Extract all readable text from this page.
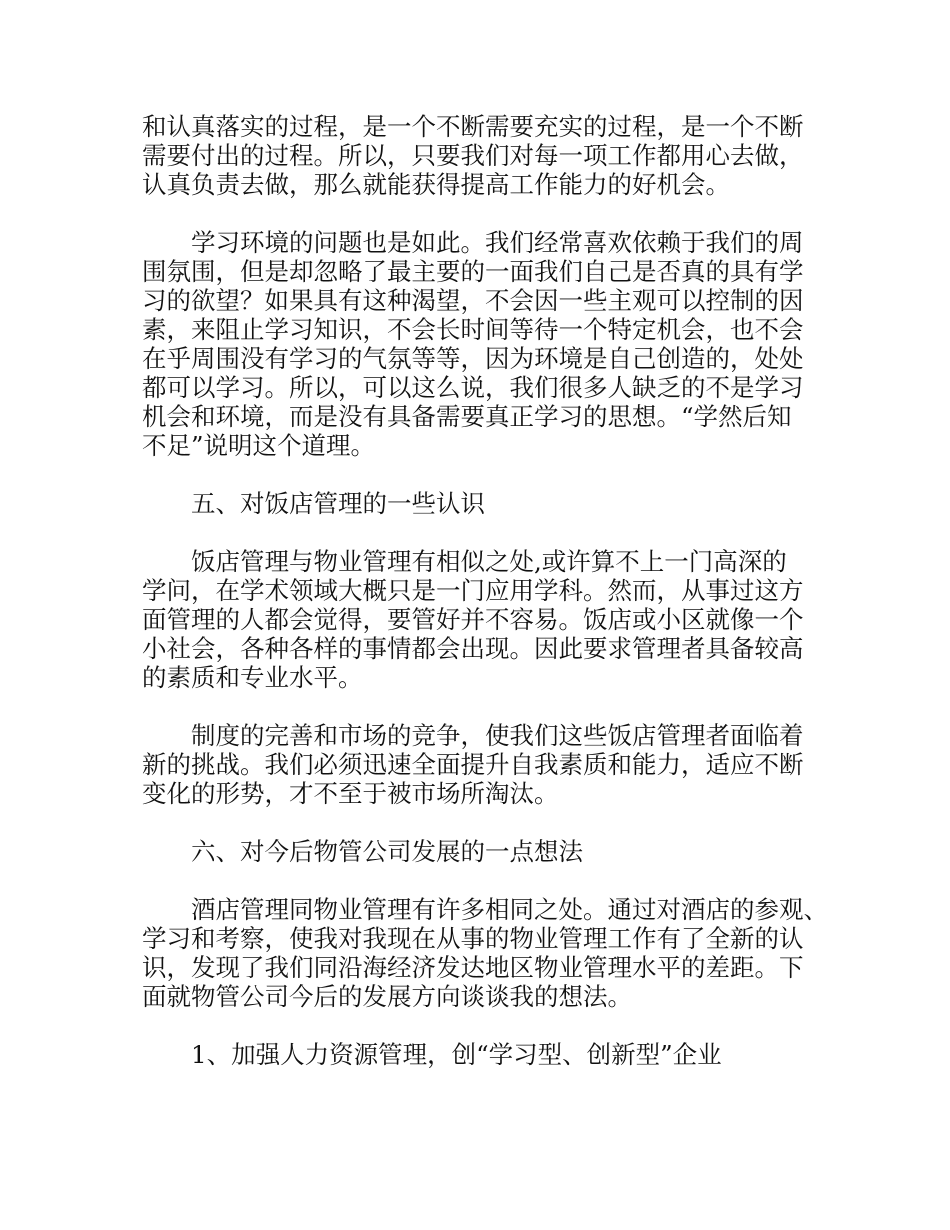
和认真落实的过程，是一个不断需要充实的过程，是一个不断
需要付出的过程。所以，只要我们对每一项工作都用心去做，
认真负责去做，那么就能获得提高工作能力的好机会。
　　学习环境的问题也是如此。我们经常喜欢依赖于我们的周
围氛围，但是却忽略了最主要的一面我们自己是否真的具有学
习的欲望？如果具有这种渴望，不会因一些主观可以控制的因
素，来阻止学习知识，不会长时间等待一个特定机会，也不会
在乎周围没有学习的气氛等等，因为环境是自己创造的，处处
都可以学习。所以，可以这么说，我们很多人缺乏的不是学习
机会和环境，而是没有具备需要真正学习的思想。“学然后知
不足”说明这个道理。
　　五、对饭店管理的一些认识
　　饭店管理与物业管理有相似之处,或许算不上一门高深的
学问，在学术领域大概只是一门应用学科。然而，从事过这方
面管理的人都会觉得，要管好并不容易。饭店或小区就像一个
小社会，各种各样的事情都会出现。因此要求管理者具备较高
的素质和专业水平。
　　制度的完善和市场的竞争，使我们这些饭店管理者面临着
新的挑战。我们必须迅速全面提升自我素质和能力，适应不断
变化的形势，才不至于被市场所淘汰。
　　六、对今后物管公司发展的一点想法
　　酒店管理同物业管理有许多相同之处。通过对酒店的参观、
学习和考察，使我对我现在从事的物业管理工作有了全新的认
识，发现了我们同沿海经济发达地区物业管理水平的差距。下
面就物管公司今后的发展方向谈谈我的想法。
　　1、加强人力资源管理，创“学习型、创新型”企业
